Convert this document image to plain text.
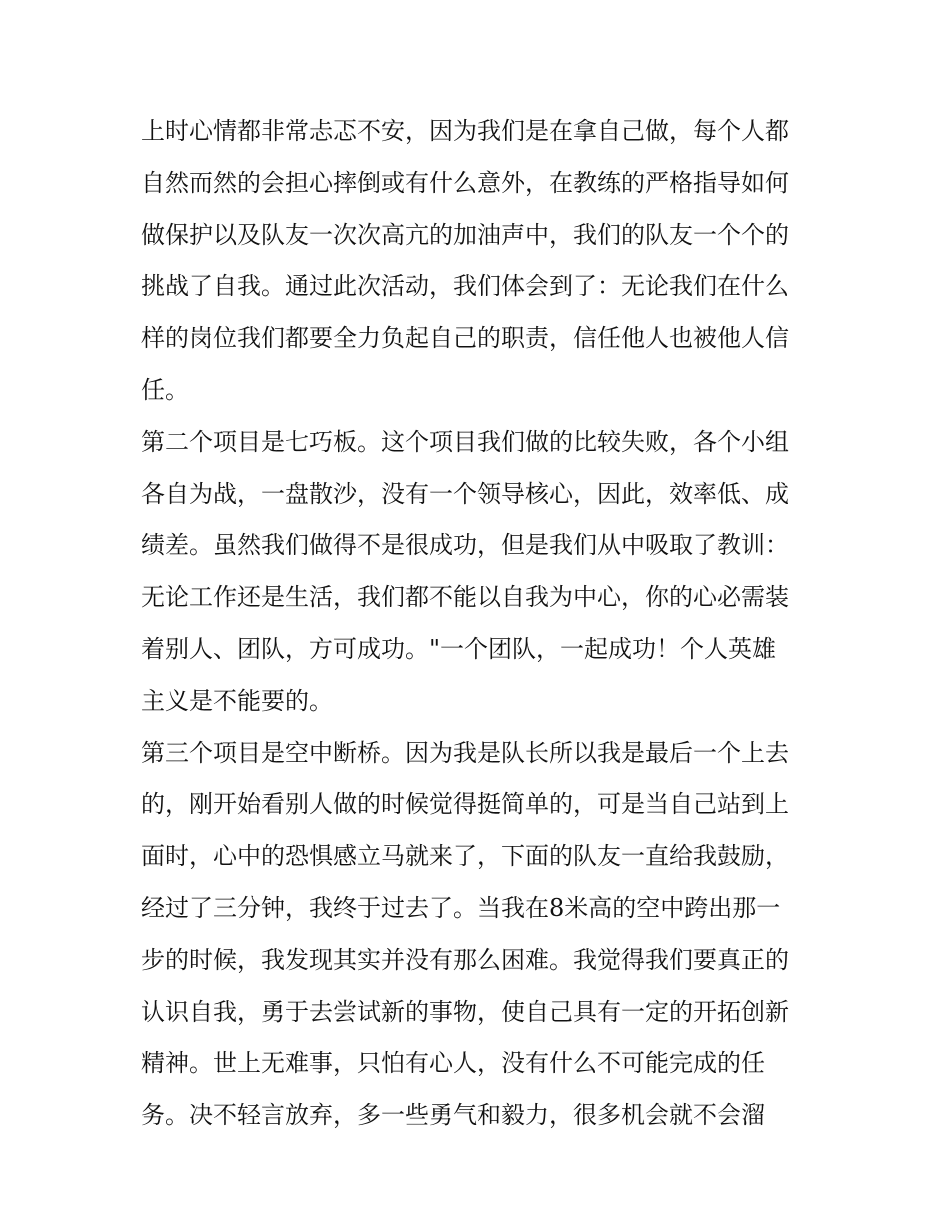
上时心情都非常忐忑不安，因为我们是在拿自己做，每个人都
自然而然的会担心摔倒或有什么意外，在教练的严格指导如何
做保护以及队友一次次高亢的加油声中，我们的队友一个个的
挑战了自我。通过此次活动，我们体会到了：无论我们在什么
样的岗位我们都要全力负起自己的职责，信任他人也被他人信
任。
第二个项目是七巧板。这个项目我们做的比较失败，各个小组
各自为战，一盘散沙，没有一个领导核心，因此，效率低、成
绩差。虽然我们做得不是很成功，但是我们从中吸取了教训：
无论工作还是生活，我们都不能以自我为中心，你的心必需装
着别人、团队，方可成功。"一个团队，一起成功！个人英雄
主义是不能要的。
第三个项目是空中断桥。因为我是队长所以我是最后一个上去
的，刚开始看别人做的时候觉得挺简单的，可是当自己站到上
面时，心中的恐惧感立马就来了，下面的队友一直给我鼓励，
经过了三分钟，我终于过去了。当我在8米高的空中跨出那一
步的时候，我发现其实并没有那么困难。我觉得我们要真正的
认识自我，勇于去尝试新的事物，使自己具有一定的开拓创新
精神。世上无难事，只怕有心人，没有什么不可能完成的任
务。决不轻言放弃，多一些勇气和毅力，很多机会就不会溜
